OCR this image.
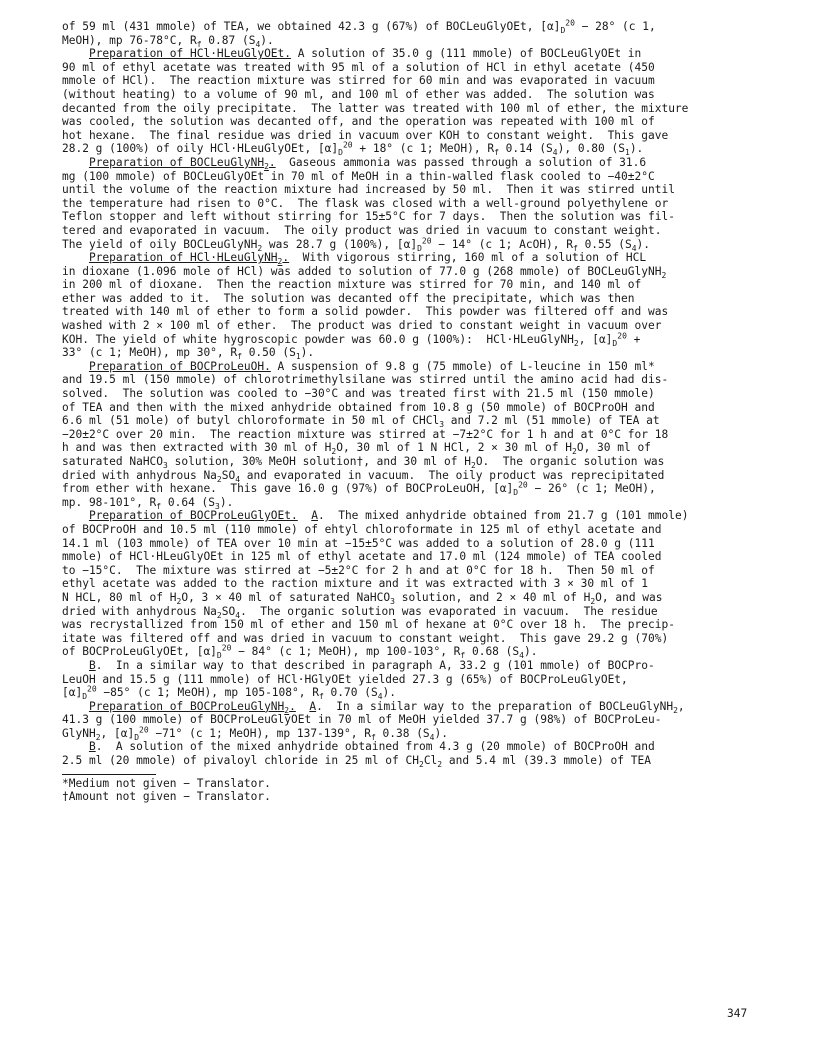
of 59 ml (431 mmole) of TEA, we obtained 42.3 g (67%) of BOCLeuGlyOEt, $[\alpha]_D^{20} - 28^\circ$ (c 1,
MeOH), mp 76-78°C, $R_f$ 0.87 $(S_4)$.
Preparation of HCl·HLeuGlyOEt. A solution of 35.0 g (111 mmole) of BOCLeuGlyOEt in
90 ml of ethyl acetate was treated with 95 ml of a solution of HCl in ethyl acetate (450
mmole of HCl).  The reaction mixture was stirred for 60 min and was evaporated in vacuum
(without heating) to a volume of 90 ml, and 100 ml of ether was added.  The solution was
decanted from the oily precipitate.  The latter was treated with 100 ml of ether, the mixture
was cooled, the solution was decanted off, and the operation was repeated with 100 ml of
hot hexane.  The final residue was dried in vacuum over KOH to constant weight.  This gave
28.2 g (100%) of oily HCl·HLeuGlyOEt, $[\alpha]_D^{20} + 18^\circ$ (c 1; MeOH), $R_f$ 0.14 $(S_4)$, 0.80 $(S_1)$.
Preparation of BOCLeuGlyNH$_2$.  Gaseous ammonia was passed through a solution of 31.6
mg (100 mmole) of BOCLeuGlyOEt in 70 ml of MeOH in a thin-walled flask cooled to −40±2°C
until the volume of the reaction mixture had increased by 50 ml.  Then it was stirred until
the temperature had risen to 0°C.  The flask was closed with a well-ground polyethylene or
Teflon stopper and left without stirring for 15±5°C for 7 days.  Then the solution was fil-
tered and evaporated in vacuum.  The oily product was dried in vacuum to constant weight.
The yield of oily BOCLeuGlyNH$_2$ was 28.7 g (100%), $[\alpha]_D^{20} - 14^\circ$ (c 1; AcOH), $R_f$ 0.55 $(S_4)$.
Preparation of HCl·HLeuGlyNH$_2$.  With vigorous stirring, 160 ml of a solution of HCL
in dioxane (1.096 mole of HCl) was added to solution of 77.0 g (268 mmole) of BOCLeuGlyNH$_2$
in 200 ml of dioxane.  Then the reaction mixture was stirred for 70 min, and 140 ml of
ether was added to it.  The solution was decanted off the precipitate, which was then
treated with 140 ml of ether to form a solid powder.  This powder was filtered off and was
washed with 2 × 100 ml of ether.  The product was dried to constant weight in vacuum over
KOH. The yield of white hygroscopic powder was 60.0 g (100%):  HCl·HLeuGlyNH$_2$, $[\alpha]_D^{20}$ +
33° (c 1; MeOH), mp 30°, $R_f$ 0.50 $(S_1)$.
Preparation of BOCProLeuOH. A suspension of 9.8 g (75 mmole) of L-leucine in 150 ml*
and 19.5 ml (150 mmole) of chlorotrimethylsilane was stirred until the amino acid had dis-
solved.  The solution was cooled to −30°C and was treated first with 21.5 ml (150 mmole)
of TEA and then with the mixed anhydride obtained from 10.8 g (50 mmole) of BOCProOH and
6.6 ml (51 mole) of butyl chloroformate in 50 ml of CHCl$_3$ and 7.2 ml (51 mmole) of TEA at
−20±2°C over 20 min.  The reaction mixture was stirred at −7±2°C for 1 h and at 0°C for 18
h and was then extracted with 30 ml of $H_2O$, 30 ml of 1 N HCl, 2 × 30 ml of $H_2O$, 30 ml of
saturated NaHCO$_3$ solution, 30% MeOH solution†, and 30 ml of $H_2O$.  The organic solution was
dried with anhydrous $Na_2SO_4$ and evaporated in vacuum.  The oily product was reprecipitated
from ether with hexane.  This gave 16.0 g (97%) of BOCProLeuOH, $[\alpha]_D^{20} - 26^\circ$ (c 1; MeOH),
mp. 98-101°, $R_f$ 0.64 $(S_3)$.
Preparation of BOCProLeuGlyOEt. A.  The mixed anhydride obtained from 21.7 g (101 mmole)
of BOCProOH and 10.5 ml (110 mmole) of ehtyl chloroformate in 125 ml of ethyl acetate and
14.1 ml (103 mmole) of TEA over 10 min at −15±5°C was added to a solution of 28.0 g (111
mmole) of HCl·HLeuGlyOEt in 125 ml of ethyl acetate and 17.0 ml (124 mmole) of TEA cooled
to −15°C.  The mixture was stirred at −5±2°C for 2 h and at 0°C for 18 h.  Then 50 ml of
ethyl acetate was added to the raction mixture and it was extracted with 3 × 30 ml of 1
N HCL, 80 ml of $H_2O$, 3 × 40 ml of saturated NaHCO$_3$ solution, and 2 × 40 ml of $H_2O$, and was
dried with anhydrous $Na_2SO_4$.  The organic solution was evaporated in vacuum.  The residue
was recrystallized from 150 ml of ether and 150 ml of hexane at 0°C over 18 h.  The precip-
itate was filtered off and was dried in vacuum to constant weight.  This gave 29.2 g (70%)
of BOCProLeuGlyOEt, $[\alpha]_D^{20} - 84^\circ$ (c 1; MeOH), mp 100-103°, $R_f$ 0.68 $(S_4)$.
B.  In a similar way to that described in paragraph A, 33.2 g (101 mmole) of BOCPro-
LeuOH and 15.5 g (111 mmole) of HCl·HGlyOEt yielded 27.3 g (65%) of BOCProLeuGlyOEt,
$[\alpha]_D^{20} -85^\circ$ (c 1; MeOH), mp 105-108°, $R_f$ 0.70 $(S_4)$.
Preparation of BOCProLeuGlyNH$_2$. A.  In a similar way to the preparation of BOCLeuGlyNH$_2$,
41.3 g (100 mmole) of BOCProLeuGlyOEt in 70 ml of MeOH yielded 37.7 g (98%) of BOCProLeu-
GlyNH$_2$, $[\alpha]_D^{20} -71^\circ$ (c 1; MeOH), mp 137-139°, $R_f$ 0.38 $(S_4)$.
B.  A solution of the mixed anhydride obtained from 4.3 g (20 mmole) of BOCProOH and
2.5 ml (20 mmole) of pivaloyl chloride in 25 ml of $CH_2Cl_2$ and 5.4 ml (39.3 mmole) of TEA
*Medium not given − Translator.
†Amount not given − Translator.
347
